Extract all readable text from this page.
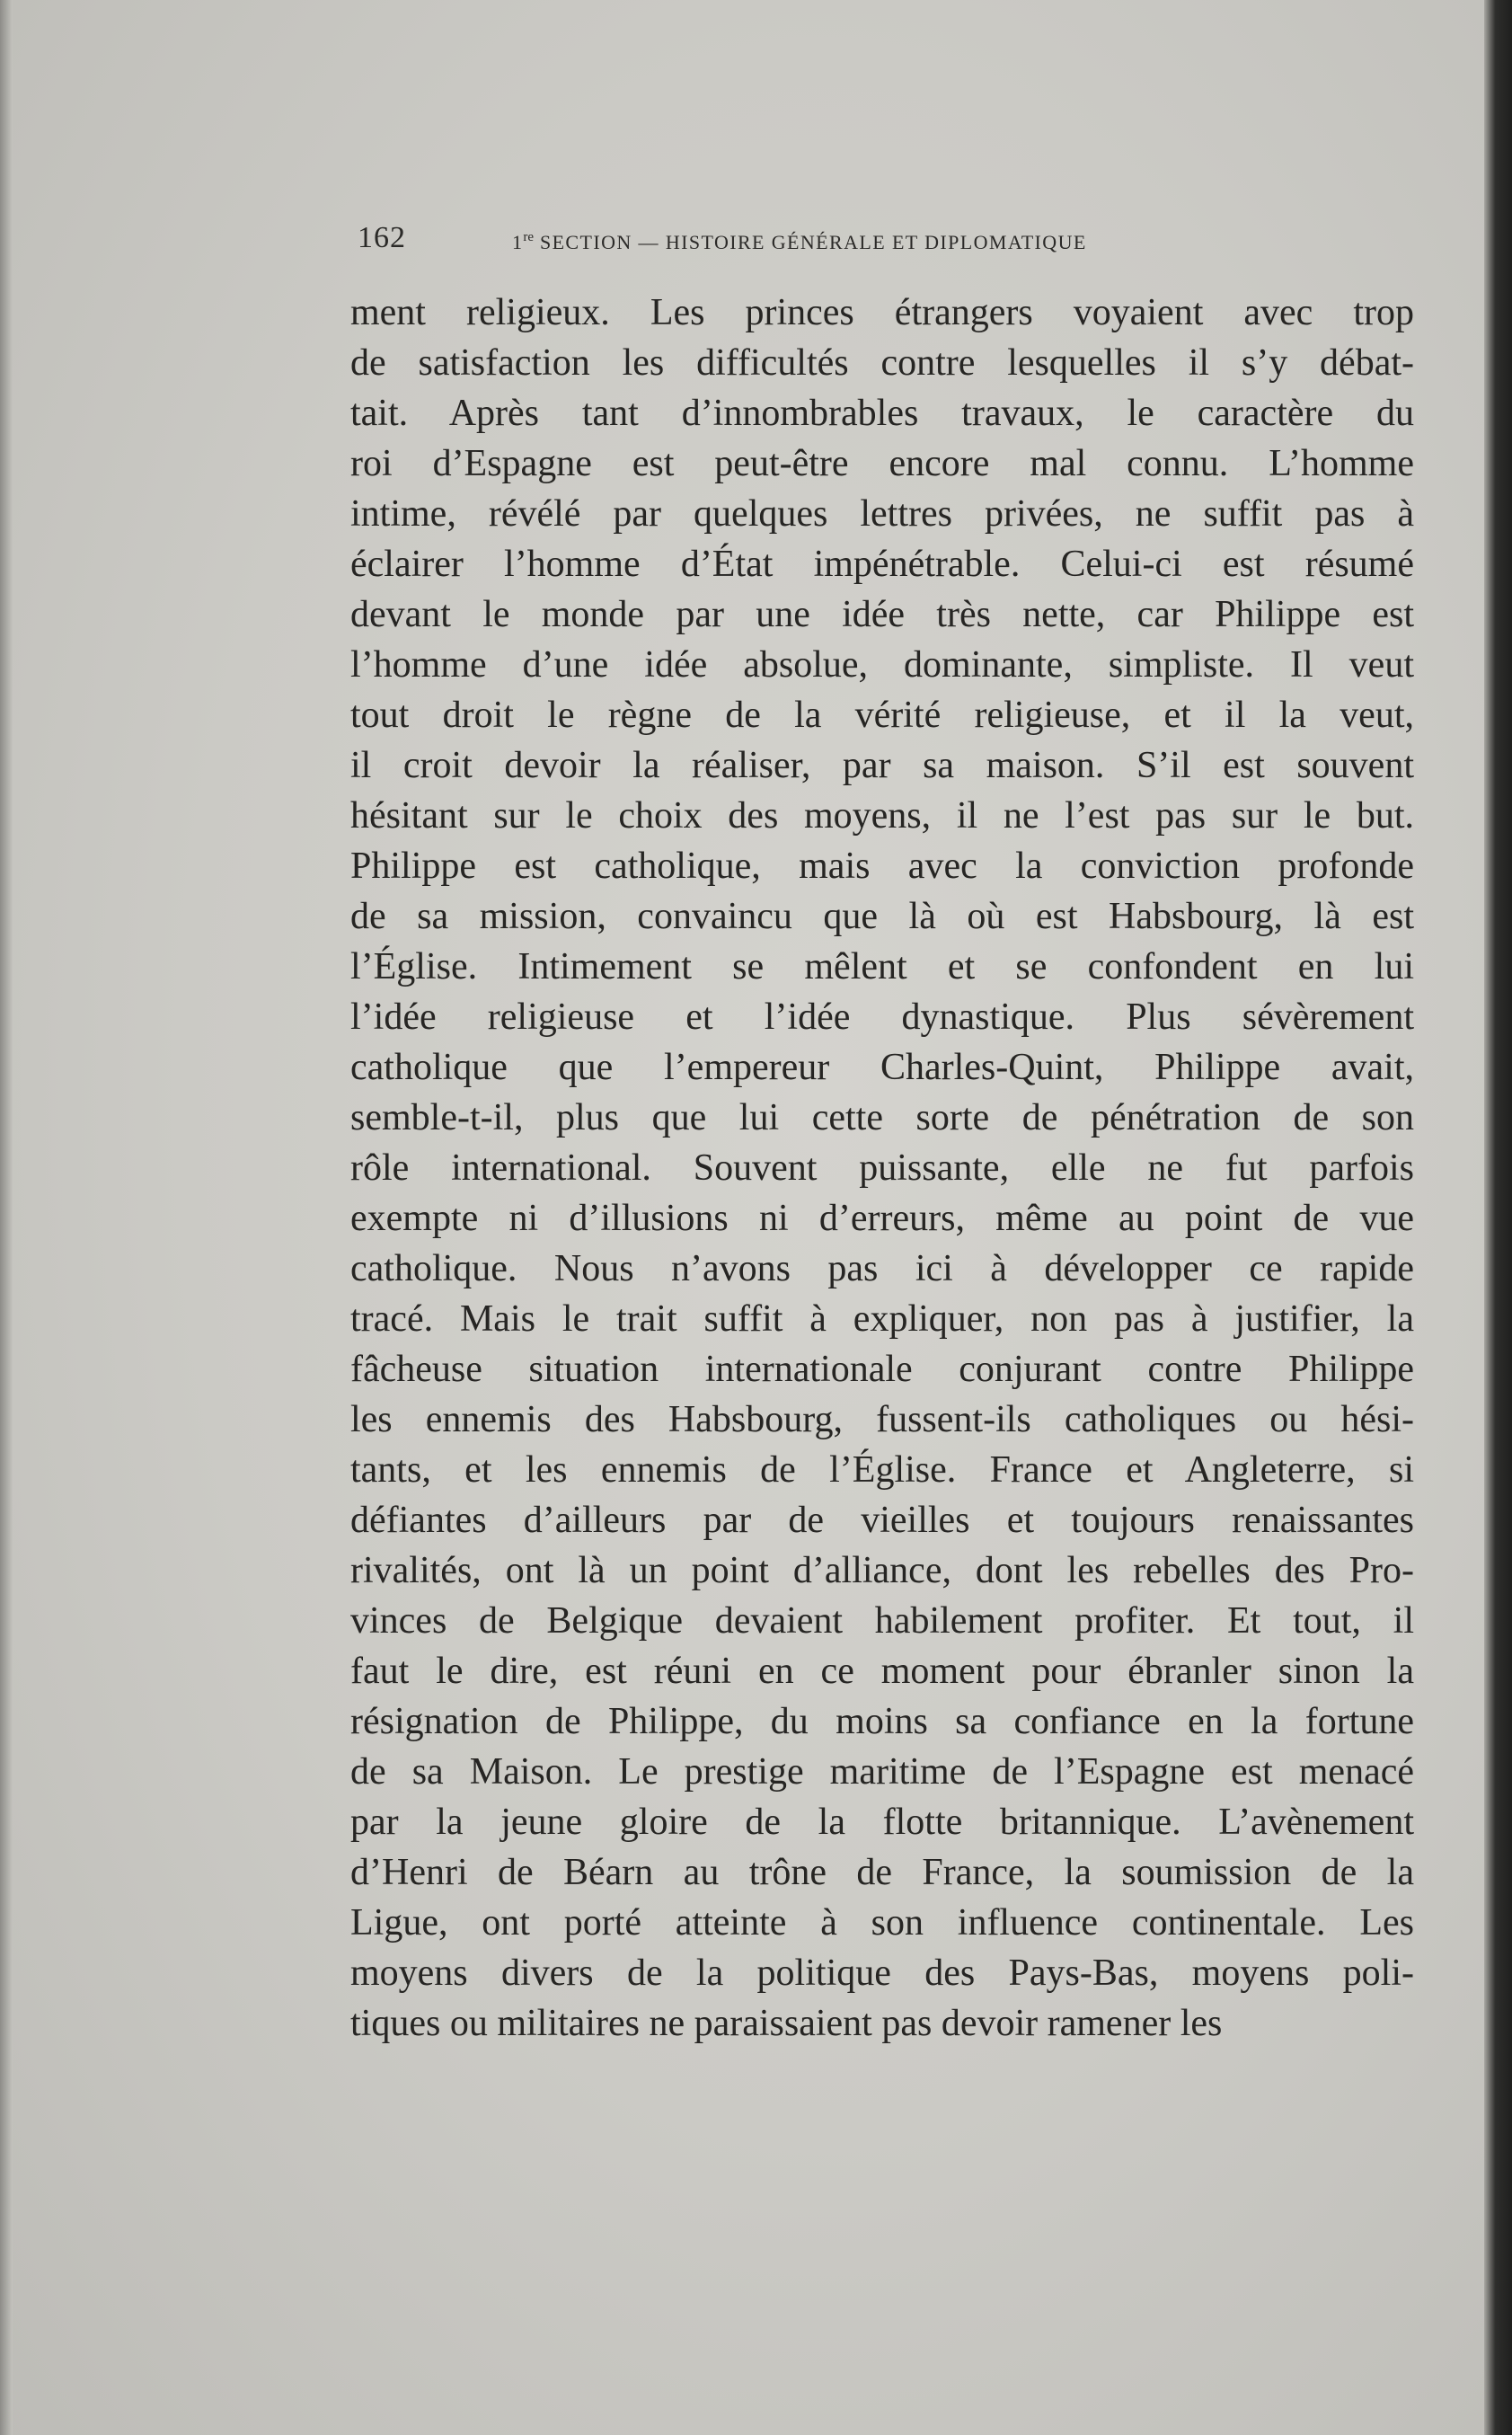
162	1re SECTION — HISTOIRE GÉNÉRALE ET DIPLOMATIQUE
ment religieux. Les princes étrangers voyaient avec trop
de satisfaction les difficultés contre lesquelles il s’y débat-
tait. Après tant d’innombrables travaux, le caractère du
roi d’Espagne est peut-être encore mal connu. L’homme
intime, révélé par quelques lettres privées, ne suffit pas à
éclairer l’homme d’État impénétrable. Celui-ci est résumé
devant le monde par une idée très nette, car Philippe est
l’homme d’une idée absolue, dominante, simpliste. Il veut
tout droit le règne de la vérité religieuse, et il la veut,
il croit devoir la réaliser, par sa maison. S’il est souvent
hésitant sur le choix des moyens, il ne l’est pas sur le but.
Philippe est catholique, mais avec la conviction profonde
de sa mission, convaincu que là où est Habsbourg, là est
l’Église. Intimement se mêlent et se confondent en lui
l’idée religieuse et l’idée dynastique. Plus sévèrement
catholique que l’empereur Charles-Quint, Philippe avait,
semble-t-il, plus que lui cette sorte de pénétration de son
rôle international. Souvent puissante, elle ne fut parfois
exempte ni d’illusions ni d’erreurs, même au point de vue
catholique. Nous n’avons pas ici à développer ce rapide
tracé. Mais le trait suffit à expliquer, non pas à justifier, la
fâcheuse situation internationale conjurant contre Philippe
les ennemis des Habsbourg, fussent-ils catholiques ou hési-
tants, et les ennemis de l’Église. France et Angleterre, si
défiantes d’ailleurs par de vieilles et toujours renaissantes
rivalités, ont là un point d’alliance, dont les rebelles des Pro-
vinces de Belgique devaient habilement profiter. Et tout, il
faut le dire, est réuni en ce moment pour ébranler sinon la
résignation de Philippe, du moins sa confiance en la fortune
de sa Maison. Le prestige maritime de l’Espagne est menacé
par la jeune gloire de la flotte britannique. L’avènement
d’Henri de Béarn au trône de France, la soumission de la
Ligue, ont porté atteinte à son influence continentale. Les
moyens divers de la politique des Pays-Bas, moyens poli-
tiques ou militaires ne paraissaient pas devoir ramener les
